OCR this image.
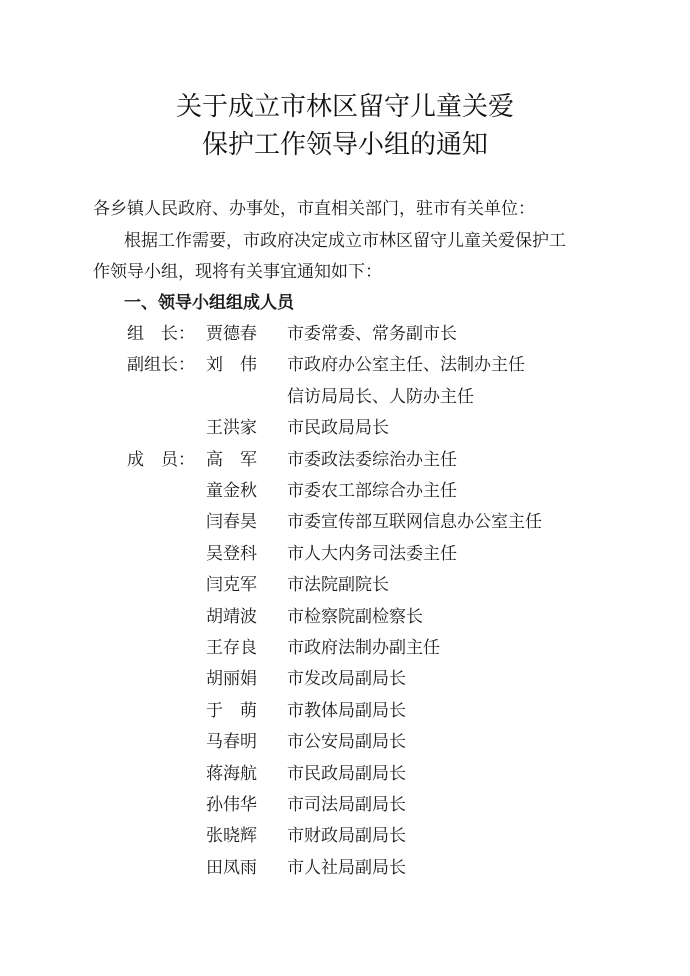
关于成立市林区留守儿童关爱
保护工作领导小组的通知
各乡镇人民政府、办事处，市直相关部门，驻市有关单位：
根据工作需要，市政府决定成立市林区留守儿童关爱保护工
作领导小组，现将有关事宜通知如下：
一、领导小组组成人员
组　长： 贾德春 市委常委、常务副市长
副组长： 刘　伟 市政府办公室主任、法制办主任
信访局局长、人防办主任
王洪家 市民政局局长
成　员： 高　军 市委政法委综治办主任
童金秋 市委农工部综合办主任
闫春昊 市委宣传部互联网信息办公室主任
吴登科 市人大内务司法委主任
闫克军 市法院副院长
胡靖波 市检察院副检察长
王存良 市政府法制办副主任
胡丽娟 市发改局副局长
于　萌 市教体局副局长
马春明 市公安局副局长
蒋海航 市民政局副局长
孙伟华 市司法局副局长
张晓辉 市财政局副局长
田凤雨 市人社局副局长
